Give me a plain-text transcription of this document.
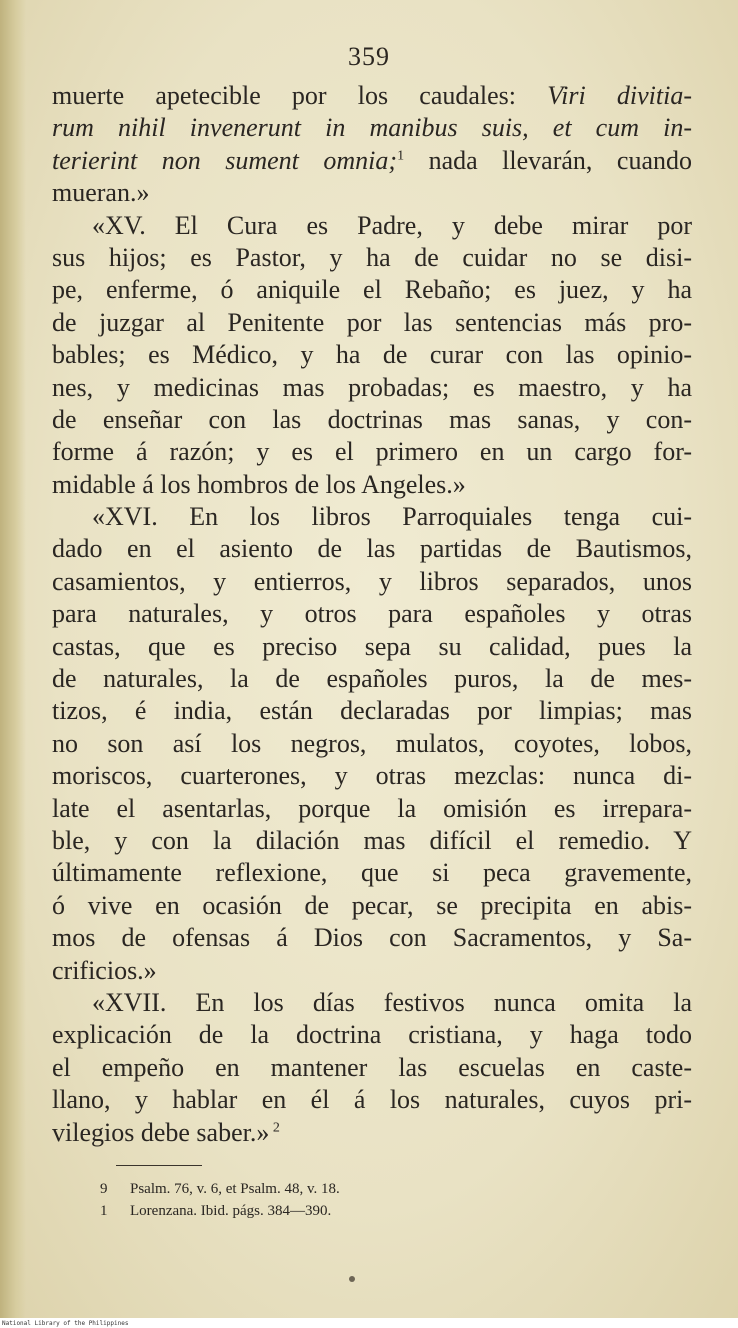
359
muerte apetecible por los caudales: Viri divitia-
rum nihil invenerunt in manibus suis, et cum in-
terierint non sument omnia;$^1$ nada llevarán, cuando
mueran.»
«XV. El Cura es Padre, y debe mirar por
sus hijos; es Pastor, y ha de cuidar no se disi-
pe, enferme, ó aniquile el Rebaño; es juez, y ha
de juzgar al Penitente por las sentencias más pro-
bables; es Médico, y ha de curar con las opinio-
nes, y medicinas mas probadas; es maestro, y ha
de enseñar con las doctrinas mas sanas, y con-
forme á razón; y es el primero en un cargo for-
midable á los hombros de los Angeles.»
«XVI. En los libros Parroquiales tenga cui-
dado en el asiento de las partidas de Bautismos,
casamientos, y entierros, y libros separados, unos
para naturales, y otros para españoles y otras
castas, que es preciso sepa su calidad, pues la
de naturales, la de españoles puros, la de mes-
tizos, é india, están declaradas por limpias; mas
no son así los negros, mulatos, coyotes, lobos,
moriscos, cuarterones, y otras mezclas: nunca di-
late el asentarlas, porque la omisión es irrepara-
ble, y con la dilación mas difícil el remedio. Y
últimamente reflexione, que si peca gravemente,
ó vive en ocasión de pecar, se precipita en abis-
mos de ofensas á Dios con Sacramentos, y Sa-
crificios.»
«XVII. En los días festivos nunca omita la
explicación de la doctrina cristiana, y haga todo
el empeño en mantener las escuelas en caste-
llano, y hablar en él á los naturales, cuyos pri-
vilegios debe saber.» $^2$
9 Psalm. 76, v. 6, et Psalm. 48, v. 18.
1 Lorenzana. Ibid. págs. 384—390.
National Library of the Philippines
